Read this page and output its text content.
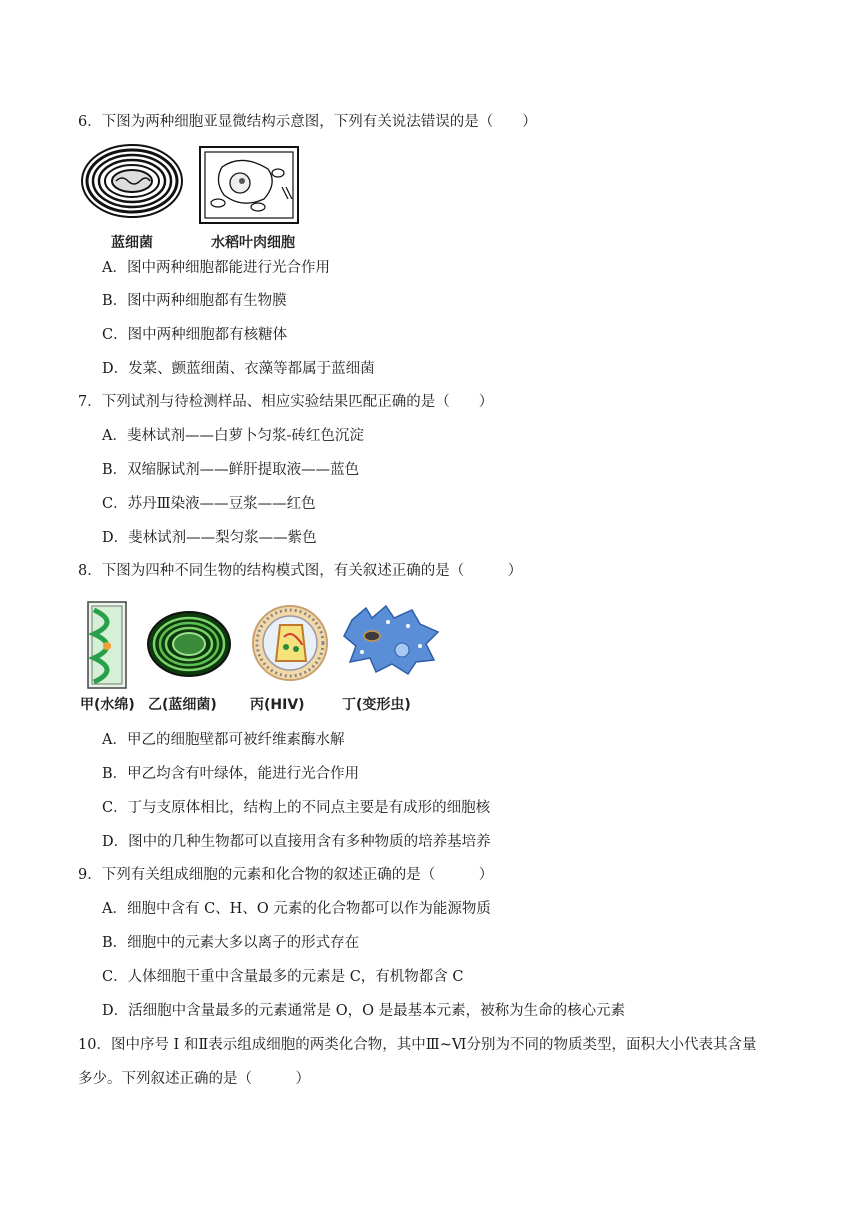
6．下图为两种细胞亚显微结构示意图，下列有关说法错误的是（　　）
蓝细菌	水稻叶肉细胞
A．图中两种细胞都能进行光合作用
B．图中两种细胞都有生物膜
C．图中两种细胞都有核糖体
D．发菜、颤蓝细菌、衣藻等都属于蓝细菌
7．下列试剂与待检测样品、相应实验结果匹配正确的是（　　）
A．斐林试剂——白萝卜匀浆-砖红色沉淀
B．双缩脲试剂——鲜肝提取液——蓝色
C．苏丹Ⅲ染液——豆浆——红色
D．斐林试剂——梨匀浆——紫色
8．下图为四种不同生物的结构模式图，有关叙述正确的是（　　　）
甲(水绵) 乙(蓝细菌) 丙(HIV)	丁(变形虫)
A．甲乙的细胞壁都可被纤维素酶水解
B．甲乙均含有叶绿体，能进行光合作用
C．丁与支原体相比，结构上的不同点主要是有成形的细胞核
D．图中的几种生物都可以直接用含有多种物质的培养基培养
9．下列有关组成细胞的元素和化合物的叙述正确的是（　　　）
A．细胞中含有 C、H、O 元素的化合物都可以作为能源物质
B．细胞中的元素大多以离子的形式存在
C．人体细胞干重中含量最多的元素是 C，有机物都含 C
D．活细胞中含量最多的元素通常是 O，O 是最基本元素，被称为生命的核心元素
10．图中序号 I 和Ⅱ表示组成细胞的两类化合物，其中Ⅲ~Ⅵ分别为不同的物质类型，面积大小代表其含量
多少。下列叙述正确的是（　　　）
